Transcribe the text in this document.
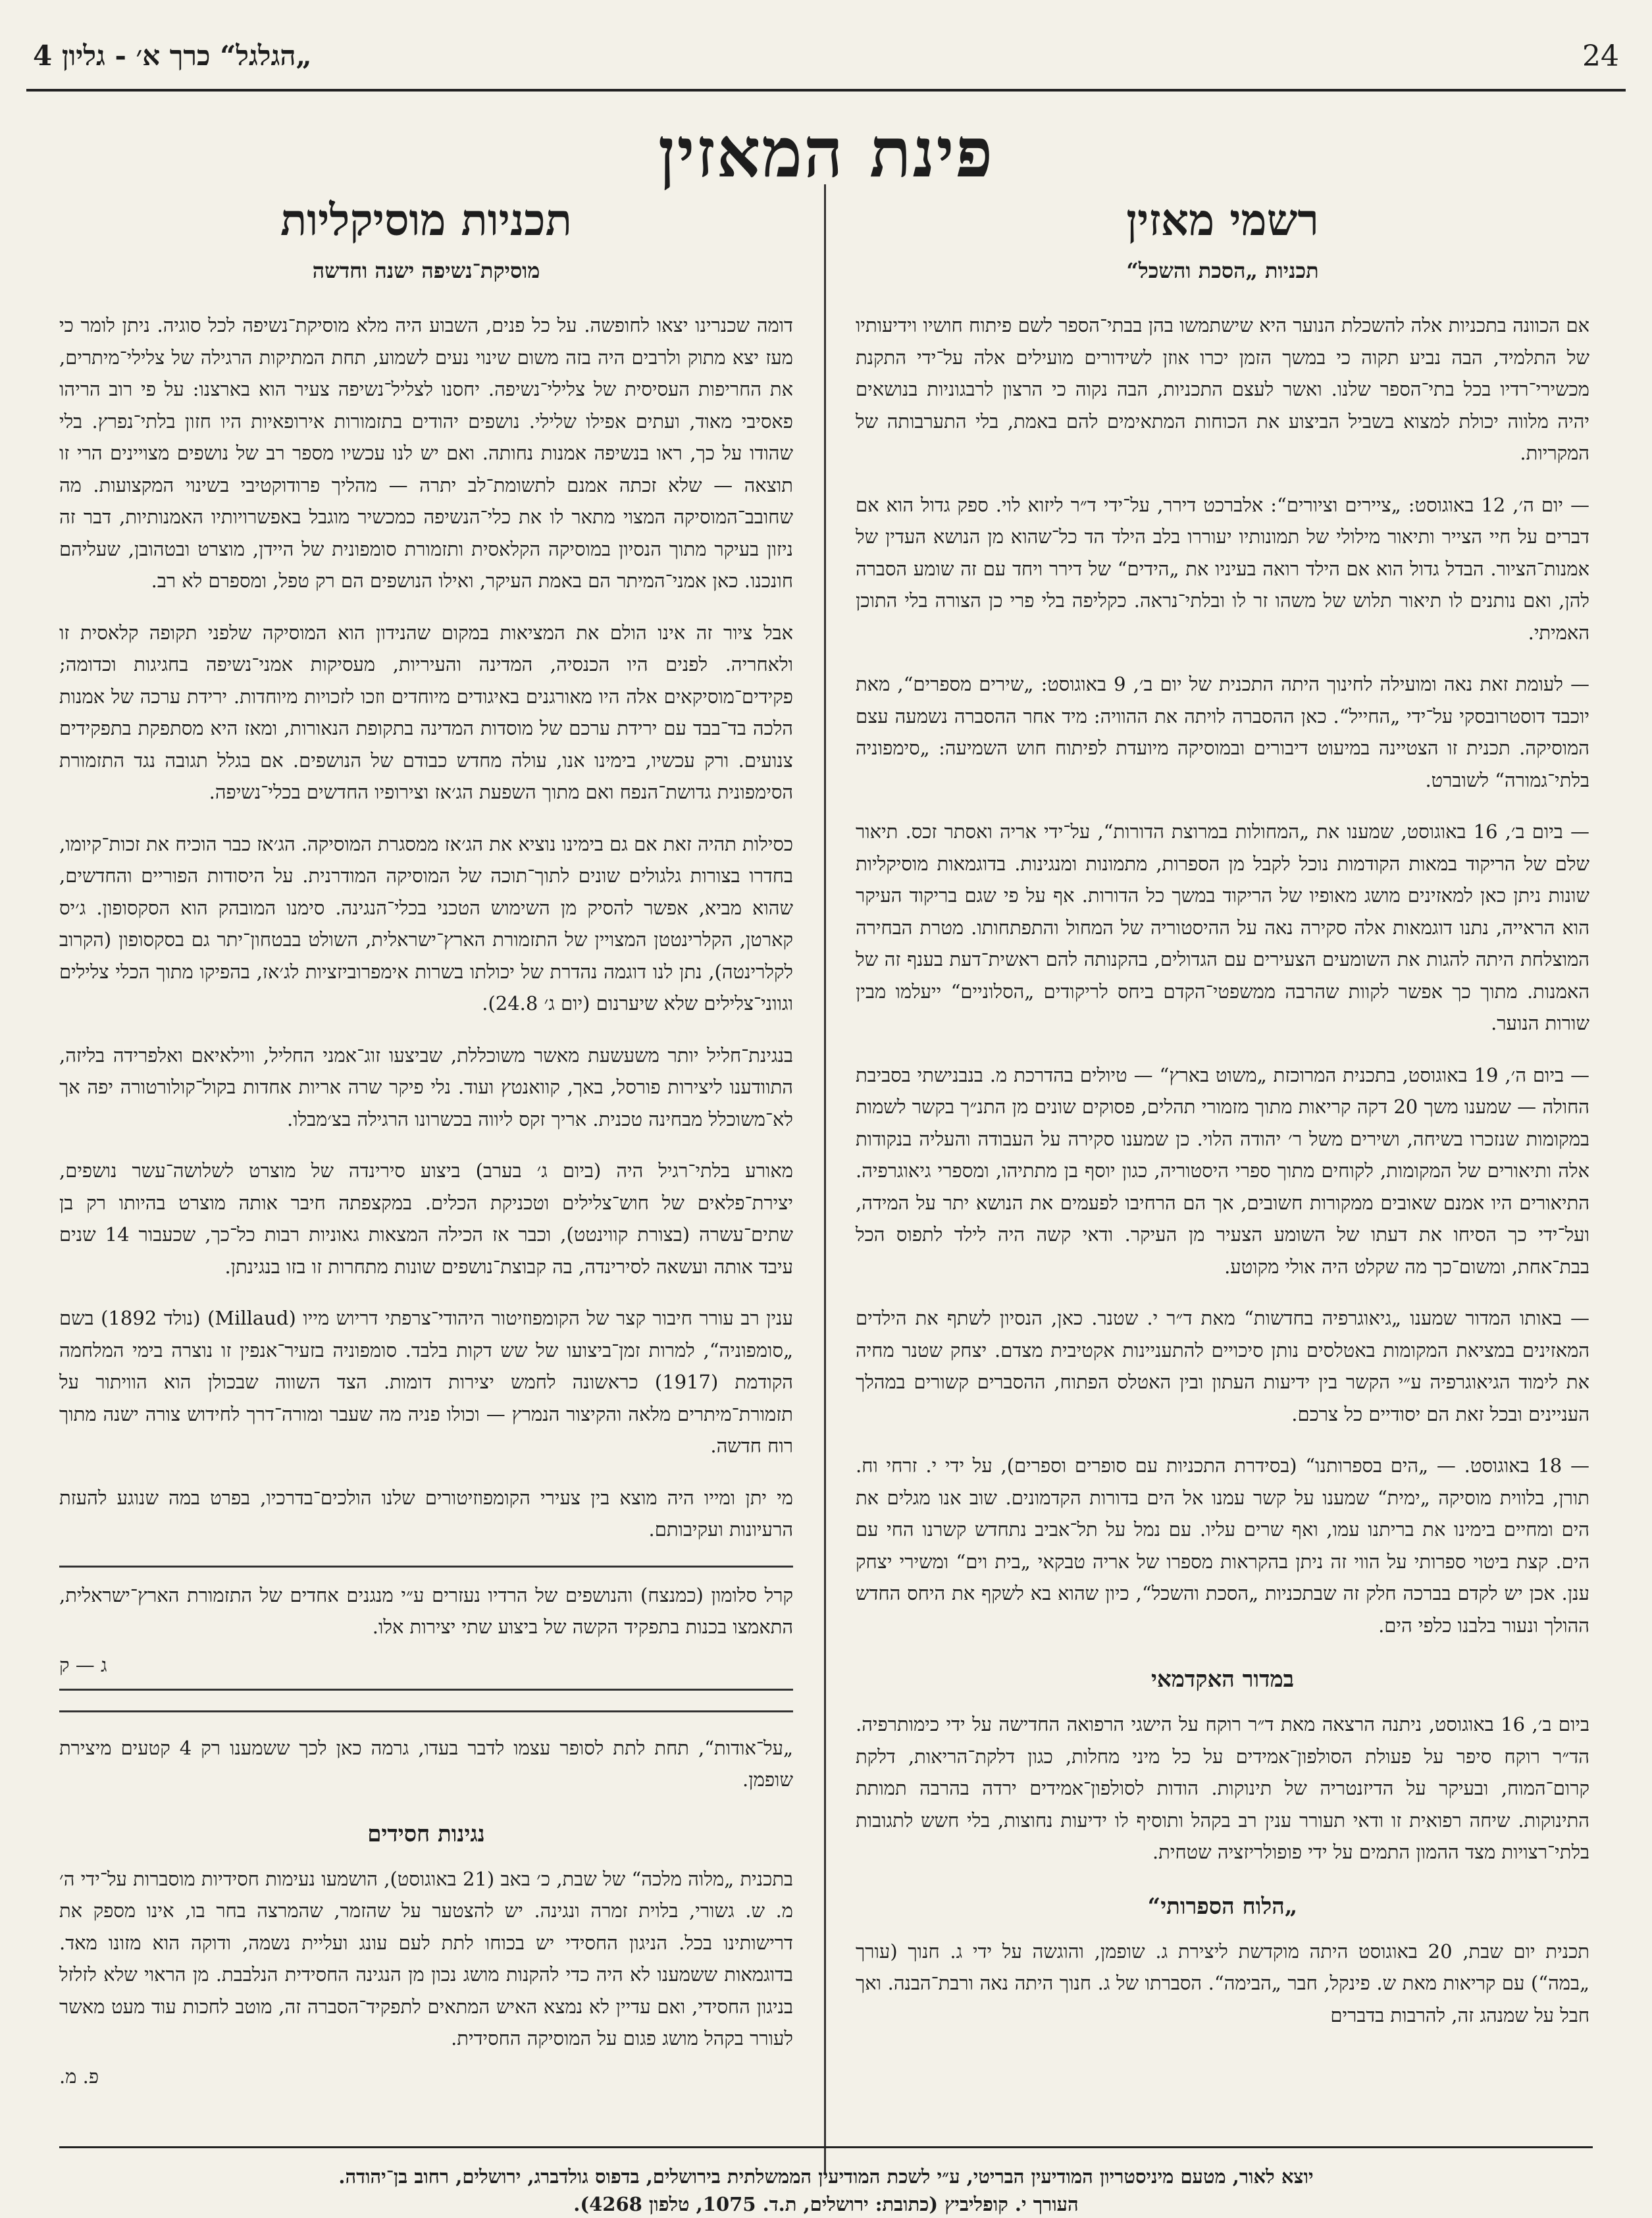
24
„הגלגל“ כרך א׳ - גליון 4
פינת המאזין
רשמי מאזין
תכניות „הסכת והשכל“

אם הכוונה בתכניות אלה להשכלת הנוער היא שישתמשו בהן בבתי־הספר לשם פיתוח חושיו וידיעותיו של התלמיד, הבה נביע תקוה כי במשך הזמן יכרו אוזן לשידורים מועילים אלה על־ידי התקנת מכשירי־רדיו בכל בתי־הספר שלנו. ואשר לעצם התכניות, הבה נקוה כי הרצון לרבגוניות בנושאים יהיה מלווה יכולת למצוא בשביל הביצוע את הכוחות המתאימים להם באמת, בלי התערבותה של המקריות.

— יום ה׳, 12 באוגוסט: „ציירים וציורים“: אלברכט דירר, על־ידי ד״ר ליזוא לוי. ספק גדול הוא אם דברים על חיי הצייר ותיאור מילולי של תמונותיו יעוררו בלב הילד הד כל־שהוא מן הנושא העדין של אמנות־הציור. הבדל גדול הוא אם הילד רואה בעיניו את „הידים“ של דירר ויחד עם זה שומע הסברה להן, ואם נותנים לו תיאור תלוש של משהו זר לו ובלתי־נראה. כקליפה בלי פרי כן הצורה בלי התוכן האמיתי.

— לעומת זאת נאה ומועילה לחינוך היתה התכנית של יום ב׳, 9 באוגוסט: „שירים מספרים“, מאת יוכבד דוסטרובסקי על־ידי „החייל“. כאן ההסברה לויתה את ההוויה: מיד אחר ההסברה נשמעה עצם המוסיקה. תכנית זו הצטיינה במיעוט דיבורים ובמוסיקה מיועדת לפיתוח חוש השמיעה: „סימפוניה בלתי־גמורה“ לשוברט.

— ביום ב׳, 16 באוגוסט, שמענו את „המחולות במרוצת הדורות“, על־ידי אריה ואסתר זכס. תיאור שלם של הריקוד במאות הקודמות נוכל לקבל מן הספרות, מתמונות ומנגינות. בדוגמאות מוסיקליות שונות ניתן כאן למאזינים מושג מאופיו של הריקוד במשך כל הדורות. אף על פי שגם בריקוד העיקר הוא הראייה, נתנו דוגמאות אלה סקירה נאה על ההיסטוריה של המחול והתפתחותו. מטרת הבחירה המוצלחת היתה להגות את השומעים הצעירים עם הגדולים, בהקנותה להם ראשית־דעת בענף זה של האמנות. מתוך כך אפשר לקוות שהרבה ממשפטי־הקדם ביחס לריקודים „הסלוניים“ ייעלמו מבין שורות הנוער.

— ביום ה׳, 19 באוגוסט, בתכנית המרוכזת „משוט בארץ“ — טיולים בהדרכת מ. בנבנישתי בסביבת החולה — שמענו משך 20 דקה קריאות מתוך מזמורי תהלים, פסוקים שונים מן התנ״ך בקשר לשמות במקומות שנזכרו בשיחה, ושירים משל ר׳ יהודה הלוי. כן שמענו סקירה על העבודה והעליה בנקודות אלה ותיאורים של המקומות, לקוחים מתוך ספרי היסטוריה, כגון יוסף בן מתתיהו, ומספרי גיאוגרפיה. התיאורים היו אמנם שאובים ממקורות חשובים, אך הם הרחיבו לפעמים את הנושא יתר על המידה, ועל־ידי כך הסיחו את דעתו של השומע הצעיר מן העיקר. ודאי קשה היה לילד לתפוס הכל בבת־אחת, ומשום־כך מה שקלט היה אולי מקוטע.

— באותו המדור שמענו „גיאוגרפיה בחדשות“ מאת ד״ר י. שטנר. כאן, הנסיון לשתף את הילדים המאזינים במציאת המקומות באטלסים נותן סיכויים להתעניינות אקטיבית מצדם. יצחק שטנר מחיה את לימוד הגיאוגרפיה ע״י הקשר בין ידיעות העתון ובין האטלס הפתוח, ההסברים קשורים במהלך העניינים ובכל זאת הם יסודיים כל צרכם.

— 18 באוגוסט. — „הים בספרותנו“ (בסידרת התכניות עם סופרים וספרים), על ידי י. זרחי וח. תורן, בלווית מוסיקה „ימית“ שמענו על קשר עמנו אל הים בדורות הקדמונים. שוב אנו מגלים את הים ומחיים בימינו את בריתנו עמו, ואף שרים עליו. עם נמל על תל־אביב נתחדש קשרנו החי עם הים. קצת ביטוי ספרותי על הווי זה ניתן בהקראות מספרו של אריה טבקאי „בית וים“ ומשירי יצחק ענן. אכן יש לקדם בברכה חלק זה שבתכניות „הסכת והשכל“, כיון שהוא בא לשקף את היחס החדש ההולך ונעור בלבנו כלפי הים.

במדור האקדמאי

ביום ב׳, 16 באוגוסט, ניתנה הרצאה מאת ד״ר רוקח על הישגי הרפואה החדישה על ידי כימותרפיה. הד״ר רוקח סיפר על פעולת הסולפון־אמידים על כל מיני מחלות, כגון דלקת־הריאות, דלקת קרום־המוח, ובעיקר על הדיזנטריה של תינוקות. הודות לסולפון־אמידים ירדה בהרבה תמותת התינוקות. שיחה רפואית זו ודאי תעורר ענין רב בקהל ותוסיף לו ידיעות נחוצות, בלי חשש לתגובות בלתי־רצויות מצד ההמון התמים על ידי פופולריזציה שטחית.

„הלוח הספרותי“

תכנית יום שבת, 20 באוגוסט היתה מוקדשת ליצירת ג. שופמן, והוגשה על ידי ג. חנוך (עורך „במה“) עם קריאות מאת ש. פינקל, חבר „הבימה“. הסברתו של ג. חנוך היתה נאה ורבת־הבנה. ואך חבל על שמנהג זה, להרבות בדברים

תכניות מוסיקליות
מוסיקת־נשיפה ישנה וחדשה

דומה שכנרינו יצאו לחופשה. על כל פנים, השבוע היה מלא מוסיקת־נשיפה לכל סוגיה. ניתן לומר כי מעז יצא מתוק ולרבים היה בזה משום שינוי נעים לשמוע, תחת המתיקות הרגילה של צלילי־מיתרים, את החריפות העסיסית של צלילי־נשיפה. יחסנו לצליל־נשיפה צעיר הוא בארצנו: על פי רוב הריהו פאסיבי מאוד, ועתים אפילו שלילי. נושפים יהודים בתזמורות אירופאיות היו חזון בלתי־נפרץ. בלי שהודו על כך, ראו בנשיפה אמנות נחותה. ואם יש לנו עכשיו מספר רב של נושפים מצויינים הרי זו תוצאה — שלא זכתה אמנם לתשומת־לב יתרה — מהליך פרודוקטיבי בשינוי המקצועות. מה שחובב־המוסיקה המצוי מתאר לו את כלי־הנשיפה כמכשיר מוגבל באפשרויותיו האמנותיות, דבר זה ניזון בעיקר מתוך הנסיון במוסיקה הקלאסית ותזמורת סומפונית של היידן, מוצרט ובטהובן, שעליהם חונכנו. כאן אמני־המיתר הם באמת העיקר, ואילו הנושפים הם רק טפל, ומספרם לא רב.

אבל ציור זה אינו הולם את המציאות במקום שהנידון הוא המוסיקה שלפני תקופה קלאסית זו ולאחריה. לפנים היו הכנסיה, המדינה והעיריות, מעסיקות אמני־נשיפה בחגיגות וכדומה; פקידים־מוסיקאים אלה היו מאורגנים באיגודים מיוחדים וזכו לזכויות מיוחדות. ירידת ערכה של אמנות הלכה בד־בבד עם ירידת ערכם של מוסדות המדינה בתקופת הנאורות, ומאז היא מסתפקת בתפקידים צנועים. ורק עכשיו, בימינו אנו, עולה מחדש כבודם של הנושפים. אם בגלל תגובה נגד התזמורת הסימפונית גדושת־הנפח ואם מתוך השפעת הג׳אז וצירופיו החדשים בכלי־נשיפה.

כסילות תהיה זאת אם גם בימינו נוציא את הג׳אז ממסגרת המוסיקה. הג׳אז כבר הוכיח את זכות־קיומו, בחדרו בצורות גלגולים שונים לתוך־תוכה של המוסיקה המודרנית. על היסודות הפוריים והחדשים, שהוא מביא, אפשר להסיק מן השימוש הטכני בכלי־הנגינה. סימנו המובהק הוא הסקסופון. ג׳יס קארטן, הקלרינטטן המצויין של התזמורת הארץ־ישראלית, השולט בבטחון־יתר גם בסקסופון (הקרוב לקלרינטה), נתן לנו דוגמה נהדרת של יכולתו בשרות אימפרוביזציות לג׳אז, בהפיקו מתוך הכלי צלילים וגווני־צלילים שלא שיערנום (יום ג׳ 24.8).

בנגינת־חליל יותר משעשעת מאשר משוכללת, שביצעו זוג־אמני החליל, ווילאיאם ואלפרידה בליזה, התוודענו ליצירות פורסל, באך, קוואנטץ ועוד. נלי פיקר שרה אריות אחדות בקול־קולורטורה יפה אך לא־משוכלל מבחינה טכנית. אריך זקס ליווה בכשרונו הרגילה בצ׳מבלו.

מאורע בלתי־רגיל היה (ביום ג׳ בערב) ביצוע סירינדה של מוצרט לשלושה־עשר נושפים, יצירת־פלאים של חוש־צלילים וטכניקת הכלים. במקצפתה חיבר אותה מוצרט בהיותו רק בן שתים־עשרה (בצורת קווינטט), וכבר אז הכילה המצאות גאוניות רבות כל־כך, שכעבור 14 שנים עיבד אותה ועשאה לסירינדה, בה קבוצת־נושפים שונות מתחרות זו בזו בנגינתן.

ענין רב עורר חיבור קצר של הקומפוזיטור היהודי־צרפתי דריוש מייו (Millaud) (נולד 1892) בשם „סומפוניה“, למרות זמן־ביצועו של שש דקות בלבד. סומפוניה בזעיר־אנפין זו נוצרה בימי המלחמה הקודמת (1917) כראשונה לחמש יצירות דומות. הצד השווה שבכולן הוא הוויתור על תזמורת־מיתרים מלאה והקיצור הנמרץ — וכולו פניה מה שעבר ומורה־דרך לחידוש צורה ישנה מתוך רוח חדשה.

מי יתן ומייו היה מוצא בין צעירי הקומפוזיטורים שלנו הולכים־בדרכיו, בפרט במה שנוגע להעזת הרעיונות ועקיבותם.

קרל סלומון (כמנצח) והנושפים של הרדיו נעזרים ע״י מנגנים אחדים של התזמורת הארץ־ישראלית, התאמצו בכנות בתפקיד הקשה של ביצוע שתי יצירות אלו.

ג — ק

„על־אודות“, תחת לתת לסופר עצמו לדבר בעדו, גרמה כאן לכך ששמענו רק 4 קטעים מיצירת שופמן.

נגינות חסידים

בתכנית „מלוה מלכה“ של שבת, כ׳ באב (21 באוגוסט), הושמעו נעימות חסידיות מוסברות על־ידי ה׳ מ. ש. גשורי, בלוית זמרה ונגינה. יש להצטער על שהזמר, שהמרצה בחר בו, אינו מספק את דרישותינו בכל. הניגון החסידי יש בכוחו לתת לעם עונג ועליית נשמה, ודוקה הוא מזונו מאד. בדוגמאות ששמענו לא היה כדי להקנות מושג נכון מן הנגינה החסידית הנלבבת. מן הראוי שלא לזלזל בניגון החסידי, ואם עדיין לא נמצא האיש המתאים לתפקיד־הסברה זה, מוטב לחכות עוד מעט מאשר לעורר בקהל מושג פגום על המוסיקה החסידית.

פ. מ.
יוצא לאור, מטעם מיניסטריון המודיעין הבריטי, ע״י לשכת המודיעין הממשלתית בירושלים, בדפוס גולדברג, ירושלים, רחוב בן־יהודה.
העורך י. קופליביץ (כתובת: ירושלים, ת.ד. 1075, טלפון 4268).
